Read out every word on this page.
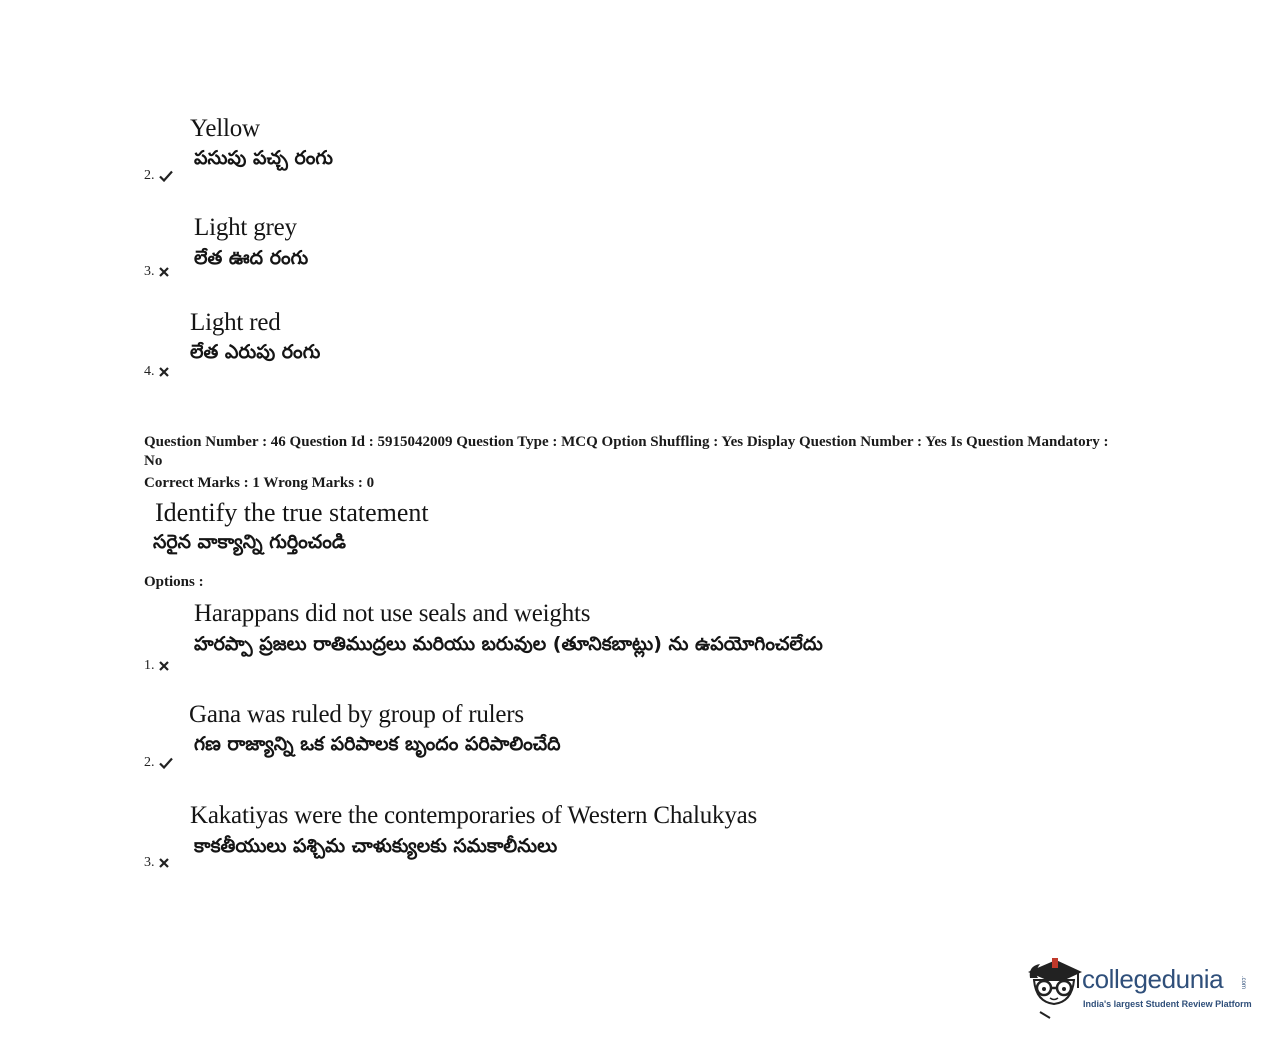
Yellow
పసుపు పచ్చ రంగు
2.
Light grey
లేత ఊద రంగు
3.
Light red
లేత ఎరుపు రంగు
4.
Question Number : 46 Question Id : 5915042009 Question Type : MCQ Option Shuffling : Yes Display Question Number : Yes Is Question Mandatory : No
Correct Marks : 1 Wrong Marks : 0
Identify the true statement
సరైన వాక్యాన్ని గుర్తించండి
Options :
Harappans did not use seals and weights
హరప్పా ప్రజలు రాతిముద్రలు మరియు బరువుల (తూనికబాట్లు) ను ఉపయోగించలేదు
1.
Gana was ruled by group of rulers
గణ రాజ్యాన్ని ఒక పరిపాలక బృందం పరిపాలించేది
2.
Kakatiyas were the contemporaries of Western Chalukyas
కాకతీయులు పశ్చిమ చాళుక్యులకు సమకాలీనులు
3.
collegedunia	.com
India's largest Student Review Platform
